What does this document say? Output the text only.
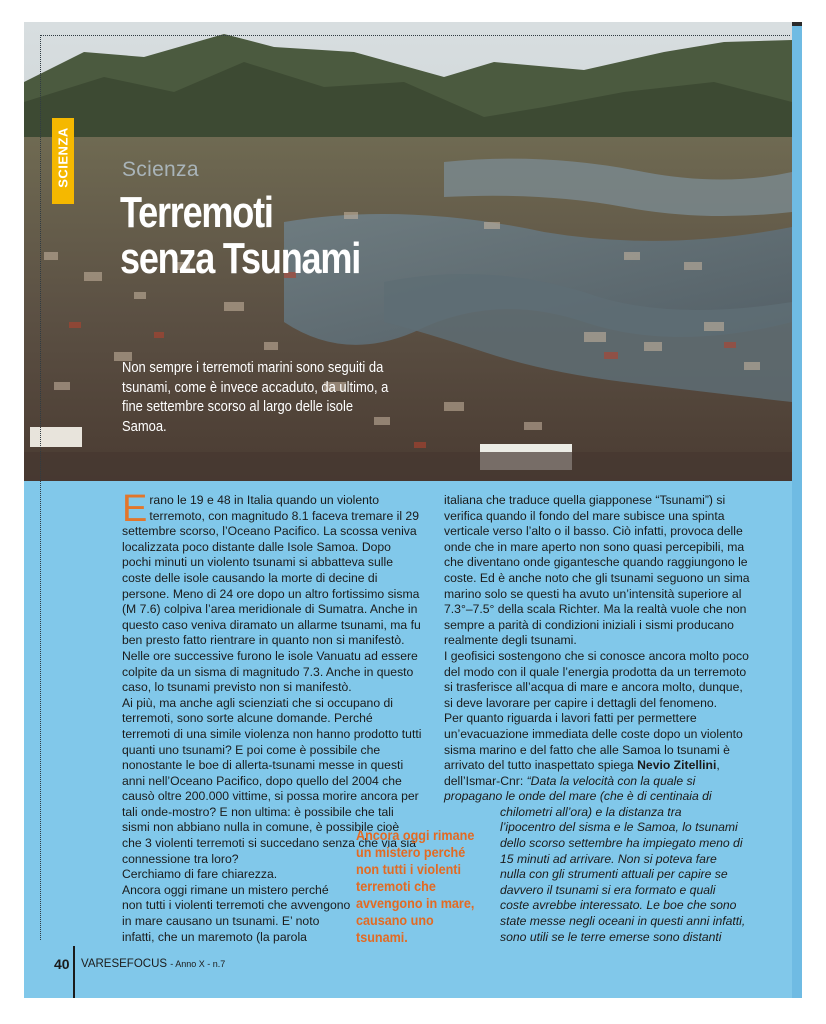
SCIENZA Scienza
Terremoti
senza Tsunami
Non sempre i terremoti marini sono seguiti da tsunami, come è invece accaduto, da ultimo, a fine settembre scorso al largo delle isole Samoa.

Erano le 19 e 48 in Italia quando un violento terremoto, con magnitudo 8.1 faceva tremare il 29 settembre scorso, l’Oceano Pacifico. La scossa veniva localizzata poco distante dalle Isole Samoa. Dopo pochi minuti un violento tsunami si abbatteva sulle coste delle isole causando la morte di decine di persone. Meno di 24 ore dopo un altro fortissimo sisma (M 7.6) colpiva l’area meridionale di Sumatra. Anche in questo caso veniva diramato un allarme tsunami, ma fu ben presto fatto rientrare in quanto non si manifestò. Nelle ore successive furono le isole Vanuatu ad essere colpite da un sisma di magnitudo 7.3. Anche in questo caso, lo tsunami previsto non si manifestò.

Ai più, ma anche agli scienziati che si occupano di terremoti, sono sorte alcune domande. Perché terremoti di una simile violenza non hanno prodotto tutti quanti uno tsunami? E poi come è possibile che nonostante le boe di allerta-tsunami messe in questi anni nell’Oceano Pacifico, dopo quello del 2004 che causò oltre 200.000 vittime, si possa morire ancora per tali onde-mostro? E non ultima: è possibile che tali sismi non abbiano nulla in comune, è possibile cioè che 3 violenti terremoti si succedano senza che via sia connessione tra loro?

Cerchiamo di fare chiarezza.

Ancora oggi rimane un mistero perché non tutti i violenti terremoti che avvengono in mare causano un tsunami. E’ noto infatti, che un maremoto (la parola

Ancora oggi rimane un mistero perché non tutti i violenti terremoti che avvengono in mare, causano uno tsunami.

italiana che traduce quella giapponese “Tsunami”) si verifica quando il fondo del mare subisce una spinta verticale verso l’alto o il basso. Ciò infatti, provoca delle onde che in mare aperto non sono quasi percepibili, ma che diventano onde gigantesche quando raggiungono le coste. Ed è anche noto che gli tsunami seguono un sima marino solo se questi ha avuto un’intensità superiore al 7.3°–7.5° della scala Richter. Ma la realtà vuole che non sempre a parità di condizioni iniziali i sismi producano realmente degli tsunami.

I geofisici sostengono che si conosce ancora molto poco del modo con il quale l’energia prodotta da un terremoto si trasferisce all’acqua di mare e ancora molto, dunque, si deve lavorare per capire i dettagli del fenomeno.

Per quanto riguarda i lavori fatti per permettere un’evacuazione immediata delle coste dopo un violento sisma marino e del fatto che alle Samoa lo tsunami è arrivato del tutto inaspettato spiega Nevio Zitellini,

dell’Ismar-Cnr: “Data la velocità con la quale si

propagano le onde del mare (che è di centinaia di
chilometri all’ora) e la distanza tra
l’ipocentro del sisma e le Samoa, lo tsunami
dello scorso settembre ha impiegato meno di
15 minuti ad arrivare. Non si poteva fare
nulla con gli strumenti attuali per capire se
davvero il tsunami si era formato e quali
coste avrebbe interessato. Le boe che sono
state messe negli oceani in questi anni infatti,
sono utili se le terre emerse sono distanti

40 VARESEFOCUS - Anno X - n.7
